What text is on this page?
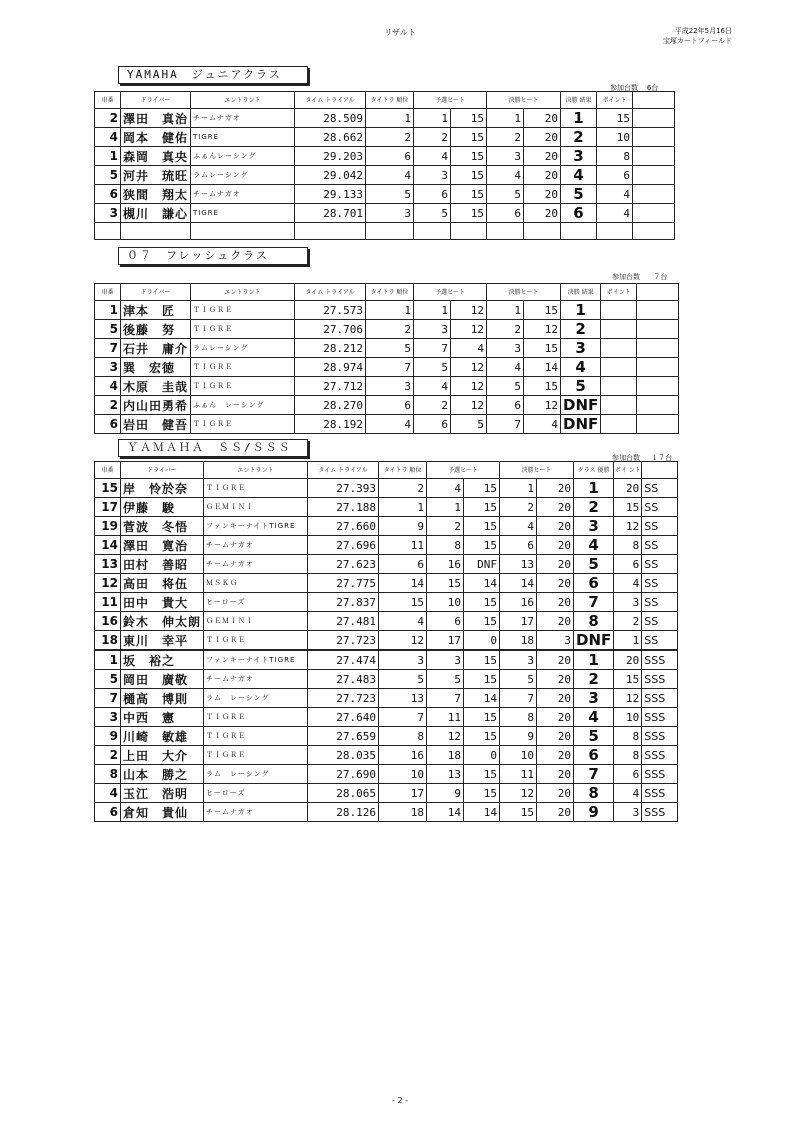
リザルト	平成22年5月16日
宝塚カートフィールド
YAMAHA　ジュニアクラス
参加台数 6台
車番	ドライバー	エントラント	タイム トライアル	タイトラ 順位	予選ヒート		決勝ヒート		決勝 結果	ポイント	
2	澤田　真治	チームナガオ	28.509	1	1	15	1	20	1	15	
4	岡本　健佑	TIGRE	28.662	2	2	15	2	20	2	10	
1	森岡　真央	ふぁんレーシング	29.203	6	4	15	3	20	3	8	
5	河井　琉旺	ラムレーシング	29.042	4	3	15	4	20	4	6	
6	狭間　翔太	チームナガオ	29.133	5	6	15	5	20	5	4	
3	槻川　謙心	TIGRE	28.701	3	5	15	6	20	6	4	

０７　フレッシュクラス
参加台数 ７台
車番	ドライバー	エントラント	タイム トライアル	タイトラ 順位	予選ヒート		決勝ヒート		決勝 結果	ポイント	
1	津本　匠	ＴＩＧＲＥ	27.573	1	1	12	1	15	1		
5	後藤　努	ＴＩＧＲＥ	27.706	2	3	12	2	12	2		
7	石井　庸介	ラムレーシング	28.212	5	7	4	3	15	3		
3	巽　宏徳	ＴＩＧＲＥ	28.974	7	5	12	4	14	4		
4	木原　圭哉	ＴＩＧＲＥ	27.712	3	4	12	5	15	5		
2	内山田勇希	ふぁん　レーシング	28.270	6	2	12	6	12	DNF		
6	岩田　健吾	ＴＩＧＲＥ	28.192	4	6	5	7	4	DNF		
ＹＡＭＡＨＡ　ＳＳ/ＳＳＳ
参加台数 １７台
車番	ドライバー	エントラント	タイム トライアル	タイトラ 順位	予選ヒート		決勝ヒート		クラス 優勝	ポイ ント	
15	岸　怜於奈	ＴＩＧＲＥ	27.393	2	4	15	1	20	1	20	SS
17	伊藤　駿	ＧＥＭＩＮＩ	27.188	1	1	15	2	20	2	15	SS
19	菅波　冬悟	ファンキーナイトTIGRE	27.660	9	2	15	4	20	3	12	SS
14	澤田　寛治	チームナガオ	27.696	11	8	15	6	20	4	8	SS
13	田村　善昭	チームナガオ	27.623	6	16	DNF	13	20	5	6	SS
12	高田　将伍	ＭＳＫＧ	27.775	14	15	14	14	20	6	4	SS
11	田中　貴大	ヒーローズ	27.837	15	10	15	16	20	7	3	SS
16	鈴木　伸太朗	ＧＥＭＩＮＩ	27.481	4	6	15	17	20	8	2	SS
18	東川　幸平	ＴＩＧＲＥ	27.723	12	17	0	18	3	DNF	1	SS
1	坂　裕之	ファンキーナイトTIGRE	27.474	3	3	15	3	20	1	20	SSS
5	岡田　廣敬	チームナガオ	27.483	5	5	15	5	20	2	15	SSS
7	樋高　博則	ラム　レーシング	27.723	13	7	14	7	20	3	12	SSS
3	中西　憲	ＴＩＧＲＥ	27.640	7	11	15	8	20	4	10	SSS
9	川崎　敏雄	ＴＩＧＲＥ	27.659	8	12	15	9	20	5	8	SSS
2	上田　大介	ＴＩＧＲＥ	28.035	16	18	0	10	20	6	8	SSS
8	山本　勝之	ラム　レーシング	27.690	10	13	15	11	20	7	6	SSS
4	玉江　浩明	ヒーローズ	28.065	17	9	15	12	20	8	4	SSS
6	倉知　貴仙	チームナガオ	28.126	18	14	14	15	20	9	3	SSS
- 2 -
